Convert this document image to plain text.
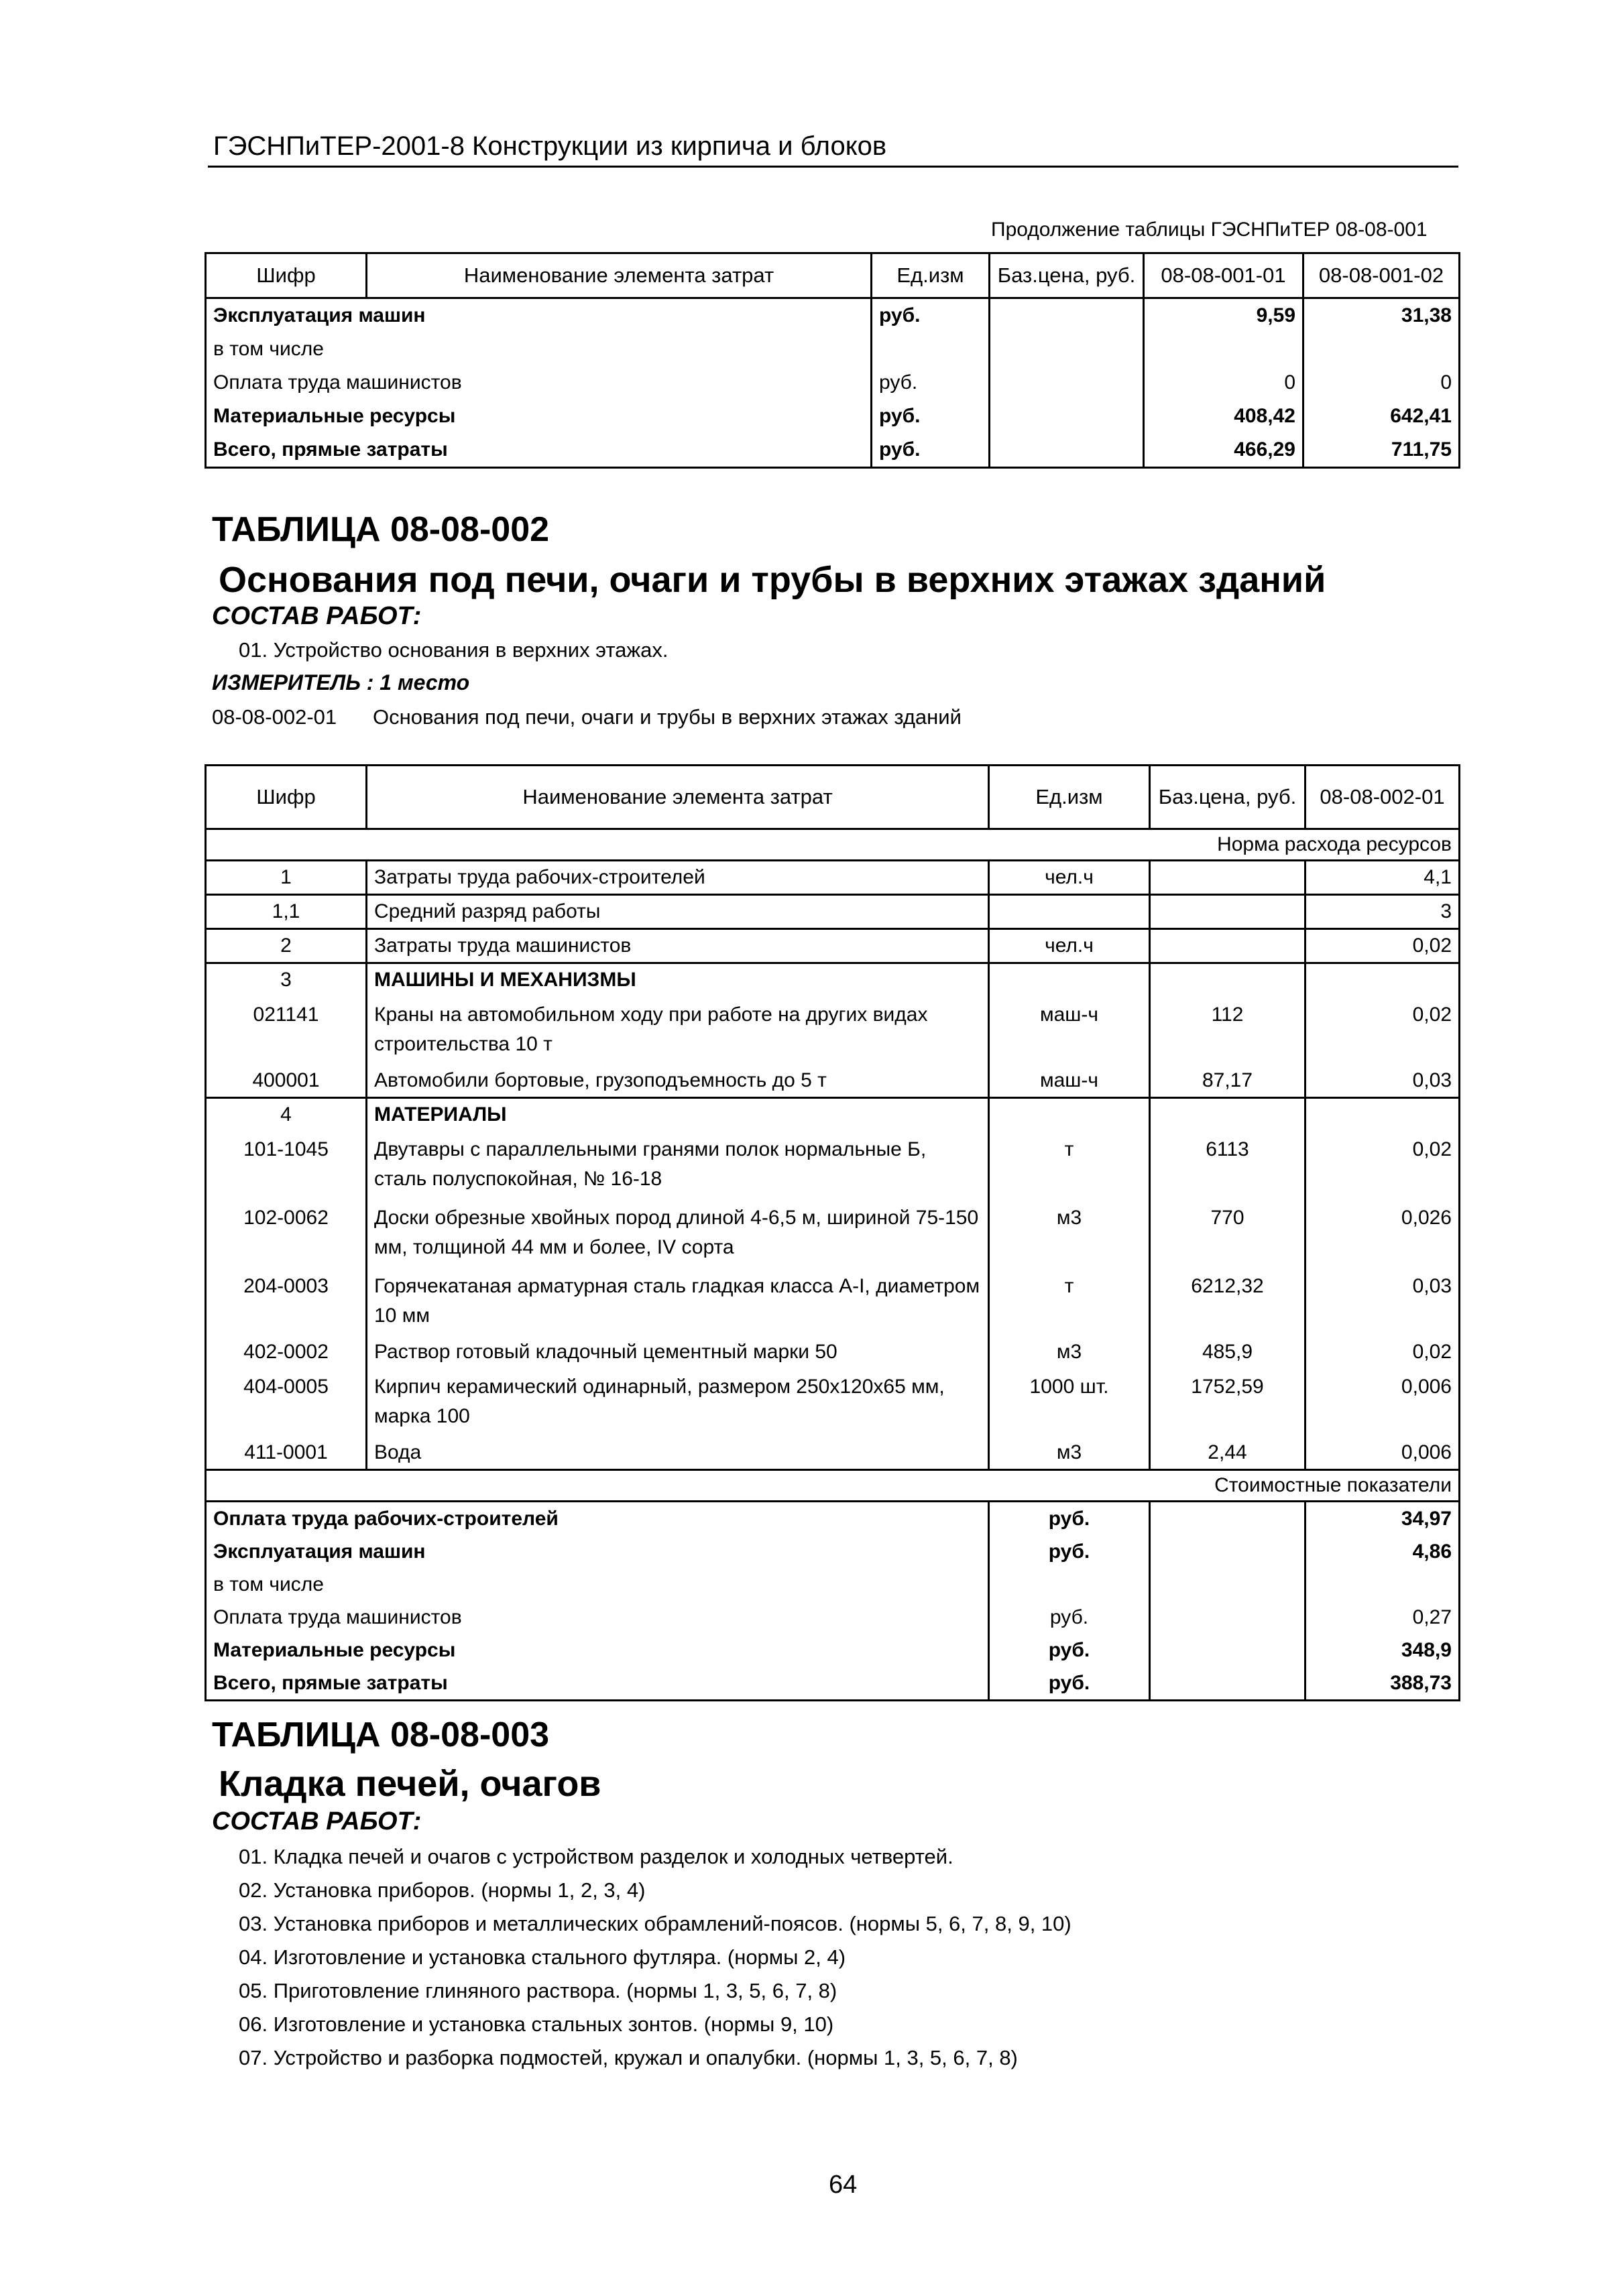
ГЭСНПиТЕР-2001-8 Конструкции из кирпича и блоков
Продолжение таблицы ГЭСНПиТЕР 08-08-001
Шифр	Наименование элемента затрат	Ед.изм	Баз.цена, руб.	08-08-001-01	08-08-001-02
Эксплуатация машин		руб.		9,59	31,38
в том числе					
Оплата труда машинистов		руб.		0	0
Материальные ресурсы		руб.		408,42	642,41
Всего, прямые затраты		руб.		466,29	711,75
ТАБЛИЦА 08-08-002
Основания под печи, очаги и трубы в верхних этажах зданий
СОСТАВ РАБОТ:
01. Устройство основания в верхних этажах.
ИЗМЕРИТЕЛЬ : 1 место
08-08-002-01 Основания под печи, очаги и трубы в верхних этажах зданий
Шифр	Наименование элемента затрат	Ед.изм	Баз.цена, руб.	08-08-002-01
Норма расхода ресурсов				
1	Затраты труда рабочих-строителей	чел.ч		4,1
1,1	Средний разряд работы			3
2	Затраты труда машинистов	чел.ч		0,02
3	МАШИНЫ И МЕХАНИЗМЫ			
021141	Краны на автомобильном ходу при работе на других видах строительства 10 т	маш-ч	112	0,02
400001	Автомобили бортовые, грузоподъемность до 5 т	маш-ч	87,17	0,03
4	МАТЕРИАЛЫ			
101-1045	Двутавры с параллельными гранями полок нормальные Б, сталь полуспокойная, № 16-18	т	6113	0,02
102-0062	Доски обрезные хвойных пород длиной 4-6,5 м, шириной 75-150 мм, толщиной 44 мм и более, IV сорта	м3	770	0,026
204-0003	Горячекатаная арматурная сталь гладкая класса А-I, диаметром 10 мм	т	6212,32	0,03
402-0002	Раствор готовый кладочный цементный марки 50	м3	485,9	0,02
404-0005	Кирпич керамический одинарный, размером 250х120х65 мм, марка 100	1000 шт.	1752,59	0,006
411-0001	Вода	м3	2,44	0,006
Стоимостные показатели				
Оплата труда рабочих-строителей		руб.		34,97
Эксплуатация машин		руб.		4,86
в том числе				
Оплата труда машинистов		руб.		0,27
Материальные ресурсы		руб.		348,9
Всего, прямые затраты		руб.		388,73
ТАБЛИЦА 08-08-003
Кладка печей, очагов
СОСТАВ РАБОТ:
01. Кладка печей и очагов с устройством разделок и холодных четвертей.
02. Установка приборов. (нормы 1, 2, 3, 4)
03. Установка приборов и металлических обрамлений-поясов. (нормы 5, 6, 7, 8, 9, 10)
04. Изготовление и установка стального футляра. (нормы 2, 4)
05. Приготовление глиняного раствора. (нормы 1, 3, 5, 6, 7, 8)
06. Изготовление и установка стальных зонтов. (нормы 9, 10)
07. Устройство и разборка подмостей, кружал и опалубки. (нормы 1, 3, 5, 6, 7, 8)
64
